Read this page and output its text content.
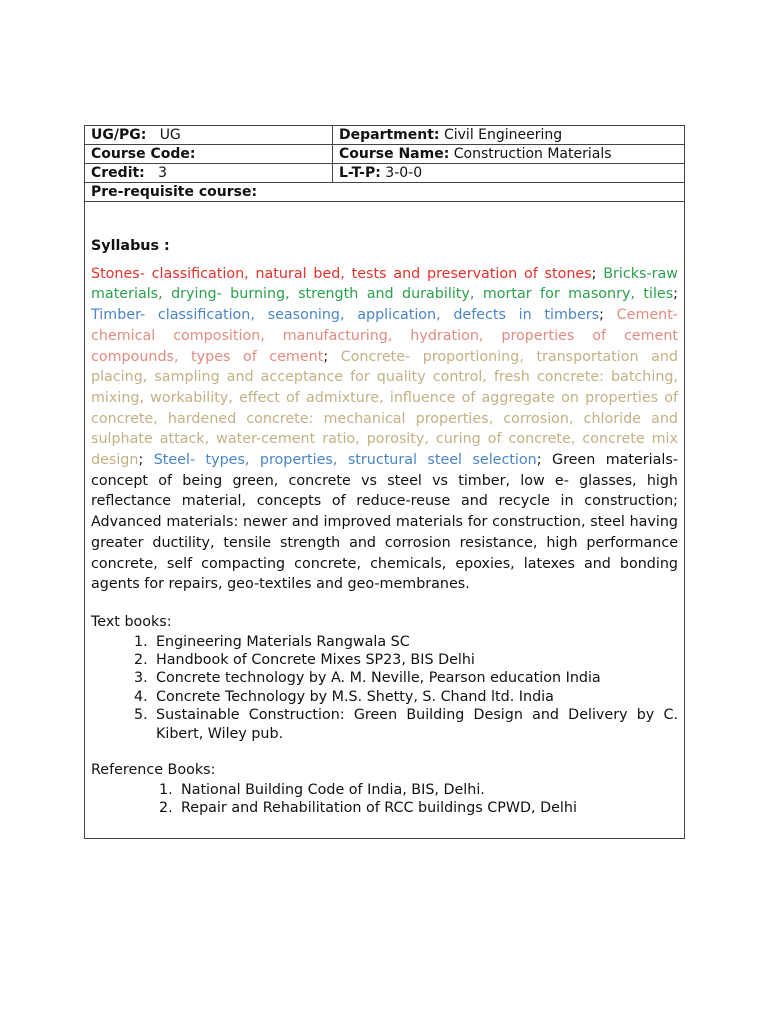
UG/PG: UG	Department: Civil Engineering
Course Code:	Course Name: Construction Materials
Credit: 3	L-T-P: 3-0-0
Pre-requisite course:
Syllabus :
Stones- classification, natural bed, tests and preservation of stones; Bricks-raw materials, drying- burning, strength and durability, mortar for masonry, tiles; Timber- classification, seasoning, application, defects in timbers; Cement- chemical composition, manufacturing, hydration, properties of cement compounds, types of cement; Concrete- proportioning, transportation and placing, sampling and acceptance for quality control, fresh concrete: batching, mixing, workability, effect of admixture, influence of aggregate on properties of concrete, hardened concrete: mechanical properties, corrosion, chloride and sulphate attack, water-cement ratio, porosity, curing of concrete, concrete mix design; Steel- types, properties, structural steel selection; Green materials- concept of being green, concrete vs steel vs timber, low e- glasses, high reflectance material, concepts of reduce-reuse and recycle in construction; Advanced materials: newer and improved materials for construction, steel having greater ductility, tensile strength and corrosion resistance, high performance concrete, self compacting concrete, chemicals, epoxies, latexes and bonding agents for repairs, geo-textiles and geo-membranes.
Text books:
1. Engineering Materials Rangwala SC
2. Handbook of Concrete Mixes SP23, BIS Delhi
3. Concrete technology by A. M. Neville, Pearson education India
4. Concrete Technology by M.S. Shetty, S. Chand ltd. India
5. Sustainable Construction: Green Building Design and Delivery by C. Kibert, Wiley pub.
Reference Books:
1. National Building Code of India, BIS, Delhi.
2. Repair and Rehabilitation of RCC buildings CPWD, Delhi
